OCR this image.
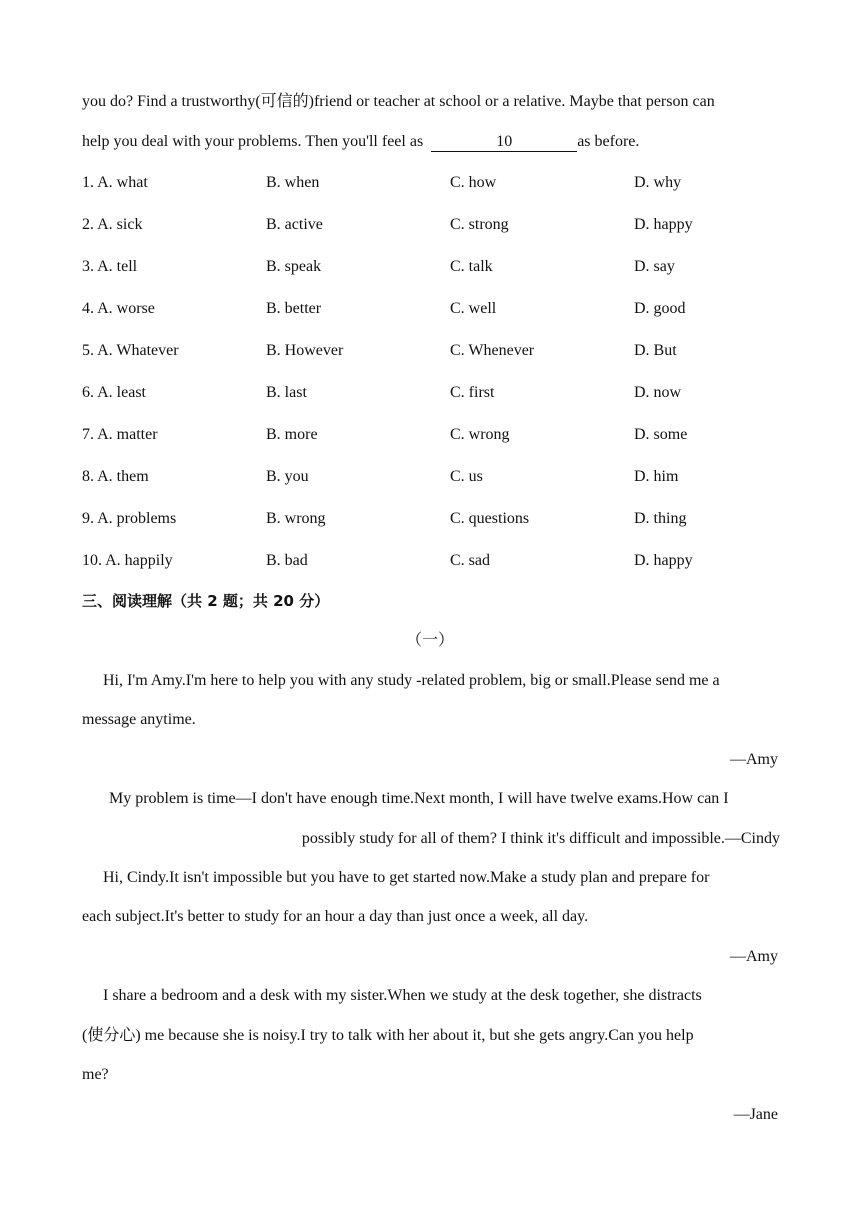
you do? Find a trustworthy(可信的)friend or teacher at school or a relative. Maybe that person can
help you deal with your problems. Then you'll feel as	10	as before.
1. A. what	B. when	C. how	D. why
2. A. sick	B. active	C. strong	D. happy
3. A. tell	B. speak	C. talk	D. say
4. A. worse	B. better	C. well	D. good
5. A. Whatever	B. However	C. Whenever	D. But
6. A. least	B. last	C. first	D. now
7. A. matter	B. more	C. wrong	D. some
8. A. them	B. you	C. us	D. him
9. A. problems	B. wrong	C. questions	D. thing
10. A. happily	B. bad	C. sad	D. happy
三、阅读理解（共 2 题；共 20 分）
（一）
Hi, I'm Amy.I'm here to help you with any study -related problem, big or small.Please send me a
message anytime.
—Amy
My problem is time—I don't have enough time.Next month, I will have twelve exams.How can I
possibly study for all of them? I think it's difficult and impossible.—Cindy
Hi, Cindy.It isn't impossible but you have to get started now.Make a study plan and prepare for
each subject.It's better to study for an hour a day than just once a week, all day.
—Amy
I share a bedroom and a desk with my sister.When we study at the desk together, she distracts
(使分心) me because she is noisy.I try to talk with her about it, but she gets angry.Can you help
me?
—Jane
